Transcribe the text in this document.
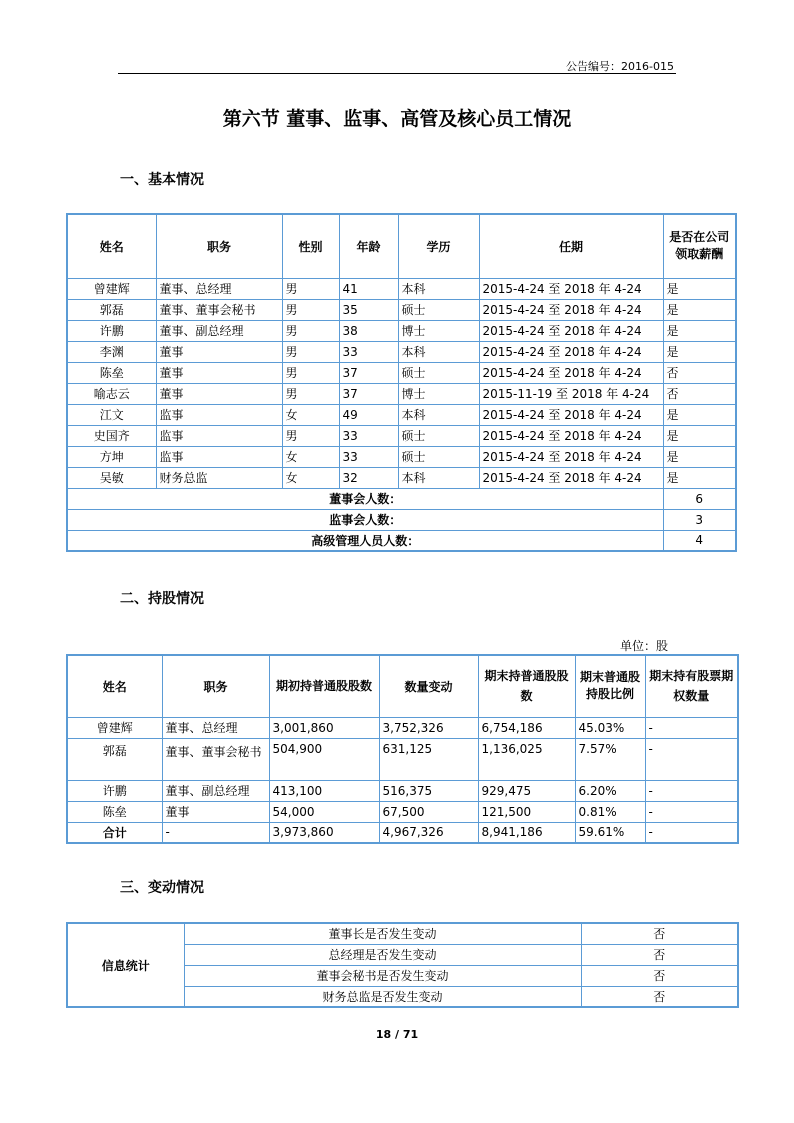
公告编号：2016-015
第六节 董事、监事、高管及核心员工情况
一、基本情况
姓名	职务	性别	年龄	学历	任期	是否在公司领取薪酬
曾建辉	董事、总经理	男	41	本科	2015-4-24 至 2018 年 4-24	是
郭磊	董事、董事会秘书	男	35	硕士	2015-4-24 至 2018 年 4-24	是
许鹏	董事、副总经理	男	38	博士	2015-4-24 至 2018 年 4-24	是
李渊	董事	男	33	本科	2015-4-24 至 2018 年 4-24	是
陈垒	董事	男	37	硕士	2015-4-24 至 2018 年 4-24	否
喻志云	董事	男	37	博士	2015-11-19 至 2018 年 4-24	否
江文	监事	女	49	本科	2015-4-24 至 2018 年 4-24	是
史国齐	监事	男	33	硕士	2015-4-24 至 2018 年 4-24	是
方坤	监事	女	33	硕士	2015-4-24 至 2018 年 4-24	是
吴敏	财务总监	女	32	本科	2015-4-24 至 2018 年 4-24	是
董事会人数：						6
监事会人数：						3
高级管理人员人数：						4
二、持股情况
单位：股
姓名	职务	期初持普通股股数	数量变动	期末持普通股股数	期末普通股持股比例	期末持有股票期权数量
曾建辉	董事、总经理	3,001,860	3,752,326	6,754,186	45.03%	-
郭磊	董事、董事会秘书	504,900	631,125	1,136,025	7.57%	-
许鹏	董事、副总经理	413,100	516,375	929,475	6.20%	-
陈垒	董事	54,000	67,500	121,500	0.81%	-
合计	-	3,973,860	4,967,326	8,941,186	59.61%	-
三、变动情况
信息统计	董事长是否发生变动	否
	总经理是否发生变动	否
	董事会秘书是否发生变动	否
	财务总监是否发生变动	否
18 / 71
